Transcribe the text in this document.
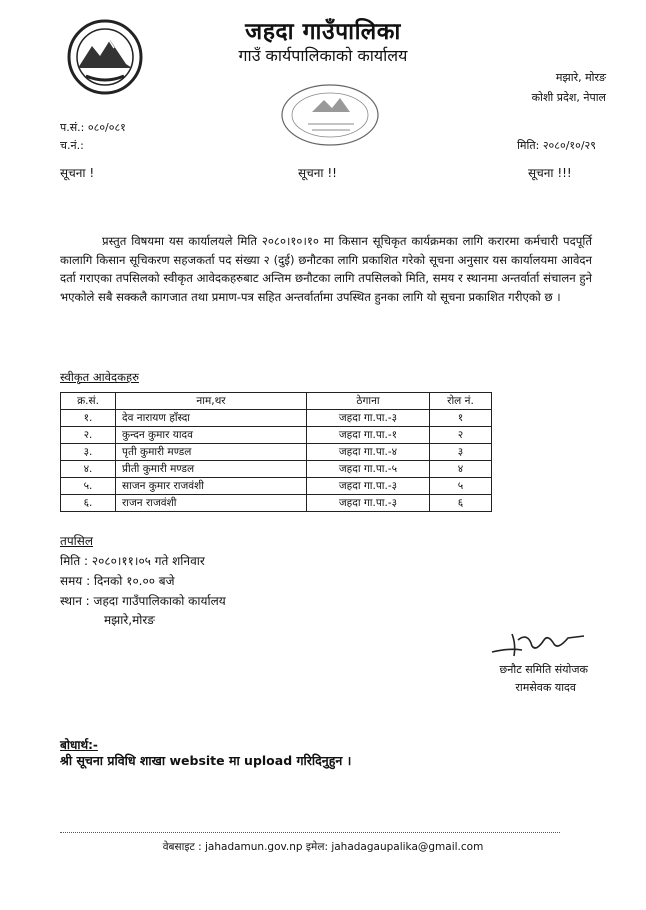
जहदा गाउँपालिका
गाउँ कार्यपालिकाको कार्यालय
मझारे, मोरङ
कोशी प्रदेश, नेपाल
प.सं.: ०८०/०८१
च.नं.:	मिति: २०८०/१०/२९
सूचना !	सूचना !!	सूचना !!!
प्रस्तुत विषयमा यस कार्यालयले मिति २०८०।१०।१० मा किसान सूचिकृत कार्यक्रमका लागि करारमा कर्मचारी पदपूर्ति कालागि किसान सूचिकरण सहजकर्ता पद संख्या २ (दुई) छनौटका लागि प्रकाशित गरेको सूचना अनुसार यस कार्यालयमा आवेदन दर्ता गराएका तपसिलको स्वीकृत आवेदकहरुबाट अन्तिम छनौटका लागि तपसिलको मिति, समय र स्थानमा अन्तर्वार्ता संचालन हुने भएकोले सबै सक्कलै कागजात तथा प्रमाण-पत्र सहित अन्तर्वार्तामा उपस्थित हुनका लागि यो सूचना प्रकाशित गरीएको छ ।
स्वीकृत आवेदकहरु
क्र.सं.	नाम,थर	ठेगाना	रोल नं.
१.	देव नारायण हाँस्दा	जहदा गा.पा.-३	१
२.	कुन्दन कुमार यादव	जहदा गा.पा.-१	२
३.	पृती कुमारी मण्डल	जहदा गा.पा.-४	३
४.	प्रीती कुमारी मण्डल	जहदा गा.पा.-५	४
५.	साजन कुमार राजवंशी	जहदा गा.पा.-३	५
६.	राजन राजवंशी	जहदा गा.पा.-३	६
तपसिल
मिति : २०८०।११।०५ गते शनिवार
समय : दिनको १०.०० बजे
स्थान : जहदा गाउँपालिकाको कार्यालय
मझारे,मोरङ
छनौट समिति संयोजक
रामसेवक यादव
बोधार्थ:-
श्री सूचना प्रविधि शाखा website मा upload गरिदिनुहुन ।
वेबसाइट : jahadamun.gov.np इमेल: jahadagaupalika@gmail.com
